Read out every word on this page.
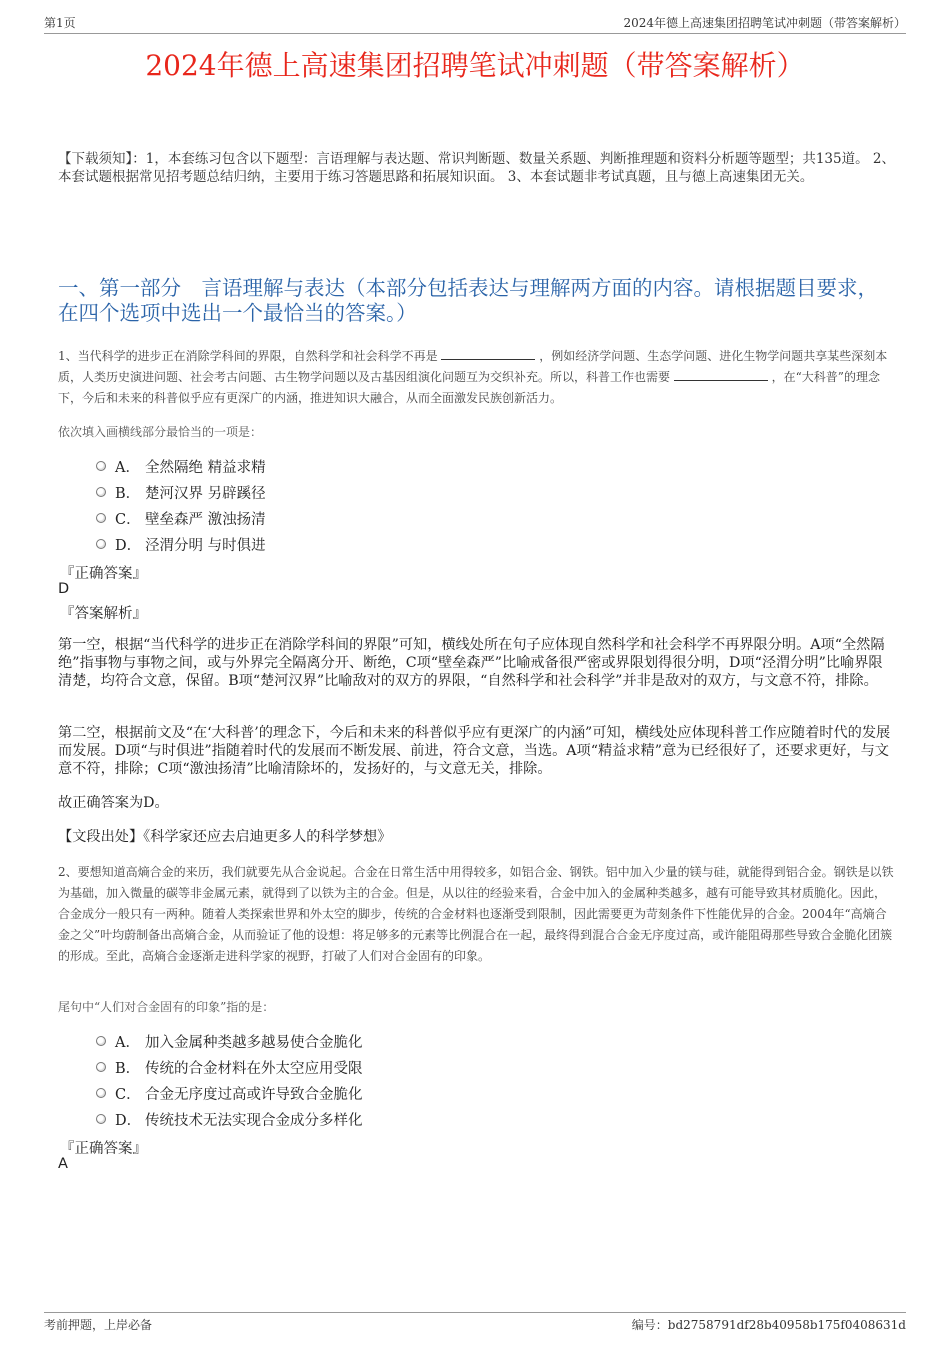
第1页	2024年德上高速集团招聘笔试冲刺题（带答案解析）
2024年德上高速集团招聘笔试冲刺题（带答案解析）
【下载须知】：1，本套练习包含以下题型：言语理解与表达题、常识判断题、数量关系题、判断推理题和资料分析题等题型；共135道。 2、本套试题根据常见招考题总结归纳，主要用于练习答题思路和拓展知识面。 3、本套试题非考试真题，且与德上高速集团无关。
一、第一部分　言语理解与表达（本部分包括表达与理解两方面的内容。请根据题目要求，在四个选项中选出一个最恰当的答案。）
1、当代科学的进步正在消除学科间的界限，自然科学和社会科学不再是	，例如经济学问题、生态学问题、进化生物学问题共享某些深刻本质，人类历史演进问题、社会考古问题、古生物学问题以及古基因组演化问题互为交织补充。所以，科普工作也需要	，在“大科普”的理念下，今后和未来的科普似乎应有更深广的内涵，推进知识大融合，从而全面激发民族创新活力。
依次填入画横线部分最恰当的一项是：
A． 全然隔绝 精益求精
B． 楚河汉界 另辟蹊径
C． 壁垒森严 激浊扬清
D． 泾渭分明 与时俱进
『正确答案』
D
『答案解析』
第一空，根据“当代科学的进步正在消除学科间的界限”可知，横线处所在句子应体现自然科学和社会科学不再界限分明。A项“全然隔绝”指事物与事物之间，或与外界完全隔离分开、断绝，C项“壁垒森严”比喻戒备很严密或界限划得很分明，D项“泾渭分明”比喻界限清楚，均符合文意，保留。B项“楚河汉界”比喻敌对的双方的界限，“自然科学和社会科学”并非是敌对的双方，与文意不符，排除。
第二空，根据前文及“在‘大科普’的理念下，今后和未来的科普似乎应有更深广的内涵”可知，横线处应体现科普工作应随着时代的发展而发展。D项“与时俱进”指随着时代的发展而不断发展、前进，符合文意，当选。A项“精益求精”意为已经很好了，还要求更好，与文意不符，排除；C项“激浊扬清”比喻清除坏的，发扬好的，与文意无关，排除。
故正确答案为D。
【文段出处】《科学家还应去启迪更多人的科学梦想》
2、要想知道高熵合金的来历，我们就要先从合金说起。合金在日常生活中用得较多，如铝合金、钢铁。铝中加入少量的镁与硅，就能得到铝合金。钢铁是以铁为基础，加入微量的碳等非金属元素，就得到了以铁为主的合金。但是，从以往的经验来看，合金中加入的金属种类越多，越有可能导致其材质脆化。因此，合金成分一般只有一两种。随着人类探索世界和外太空的脚步，传统的合金材料也逐渐受到限制，因此需要更为苛刻条件下性能优异的合金。2004年“高熵合金之父”叶均蔚制备出高熵合金，从而验证了他的设想：将足够多的元素等比例混合在一起，最终得到混合合金无序度过高，或许能阻碍那些导致合金脆化团簇的形成。至此，高熵合金逐渐走进科学家的视野，打破了人们对合金固有的印象。
尾句中“人们对合金固有的印象”指的是：
A． 加入金属种类越多越易使合金脆化
B． 传统的合金材料在外太空应用受限
C． 合金无序度过高或许导致合金脆化
D． 传统技术无法实现合金成分多样化
『正确答案』
A
考前押题，上岸必备	编号：bd2758791df28b40958b175f0408631d
